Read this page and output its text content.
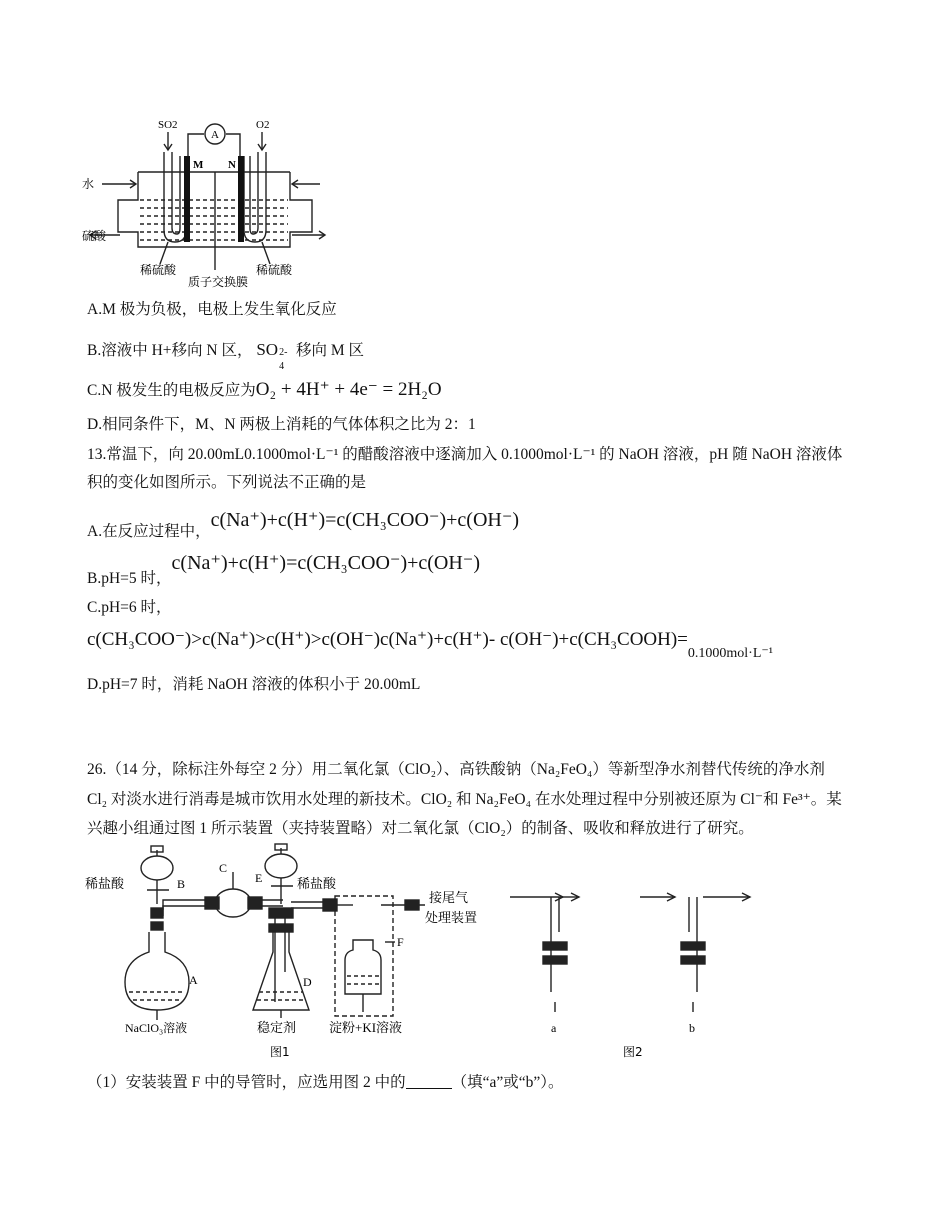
SO2	O2
A
M N
水
硫酸
稀硫酸	稀硫酸
质子交换膜
A.M 极为负极，电极上发生氧化反应
B.溶液中 H+移向 N 区， SO 2-
4
移向 M 区
C.N 极发生的电极反应为O₂ + 4H⁺ + 4e⁻ = 2H₂O
D.相同条件下，M、N 两极上消耗的气体体积之比为 2：1
13.常温下，向 20.00mL0.1000mol·L⁻¹ 的醋酸溶液中逐滴加入 0.1000mol·L⁻¹ 的 NaOH 溶液，pH 随 NaOH 溶液体
积的变化如图所示。下列说法不正确的是
A.在反应过程中，c(Na⁺)+c(H⁺)=c(CH₃COO⁻)+c(OH⁻)
B.pH=5 时，c(Na⁺)+c(H⁺)=c(CH₃COO⁻)+c(OH⁻)
C.pH=6 时，
c(CH₃COO⁻)>c(Na⁺)>c(H⁺)>c(OH⁻)c(Na⁺)+c(H⁺)- c(OH⁻)+c(CH₃COOH)=0.1000mol·L⁻¹
D.pH=7 时，消耗 NaOH 溶液的体积小于 20.00mL
26.（14 分，除标注外每空 2 分）用二氧化氯（ClO₂）、高铁酸钠（Na₂FeO₄）等新型净水剂替代传统的净水剂
Cl₂ 对淡水进行消毒是城市饮用水处理的新技术。ClO₂ 和 Na₂FeO₄ 在水处理过程中分别被还原为 Cl⁻和 Fe³⁺。某
兴趣小组通过图 1 所示装置（夹持装置略）对二氧化氯（ClO₂）的制备、吸收和释放进行了研究。
稀盐酸	B
C
E	稀盐酸
A	D
F
接尾气
处理装置
NaClO₃溶液	稳定剂	淀粉+KI溶液
图1
a	b
图2
（1）安装装置 F 中的导管时，应选用图 2 中的	（填“a”或“b”）。
